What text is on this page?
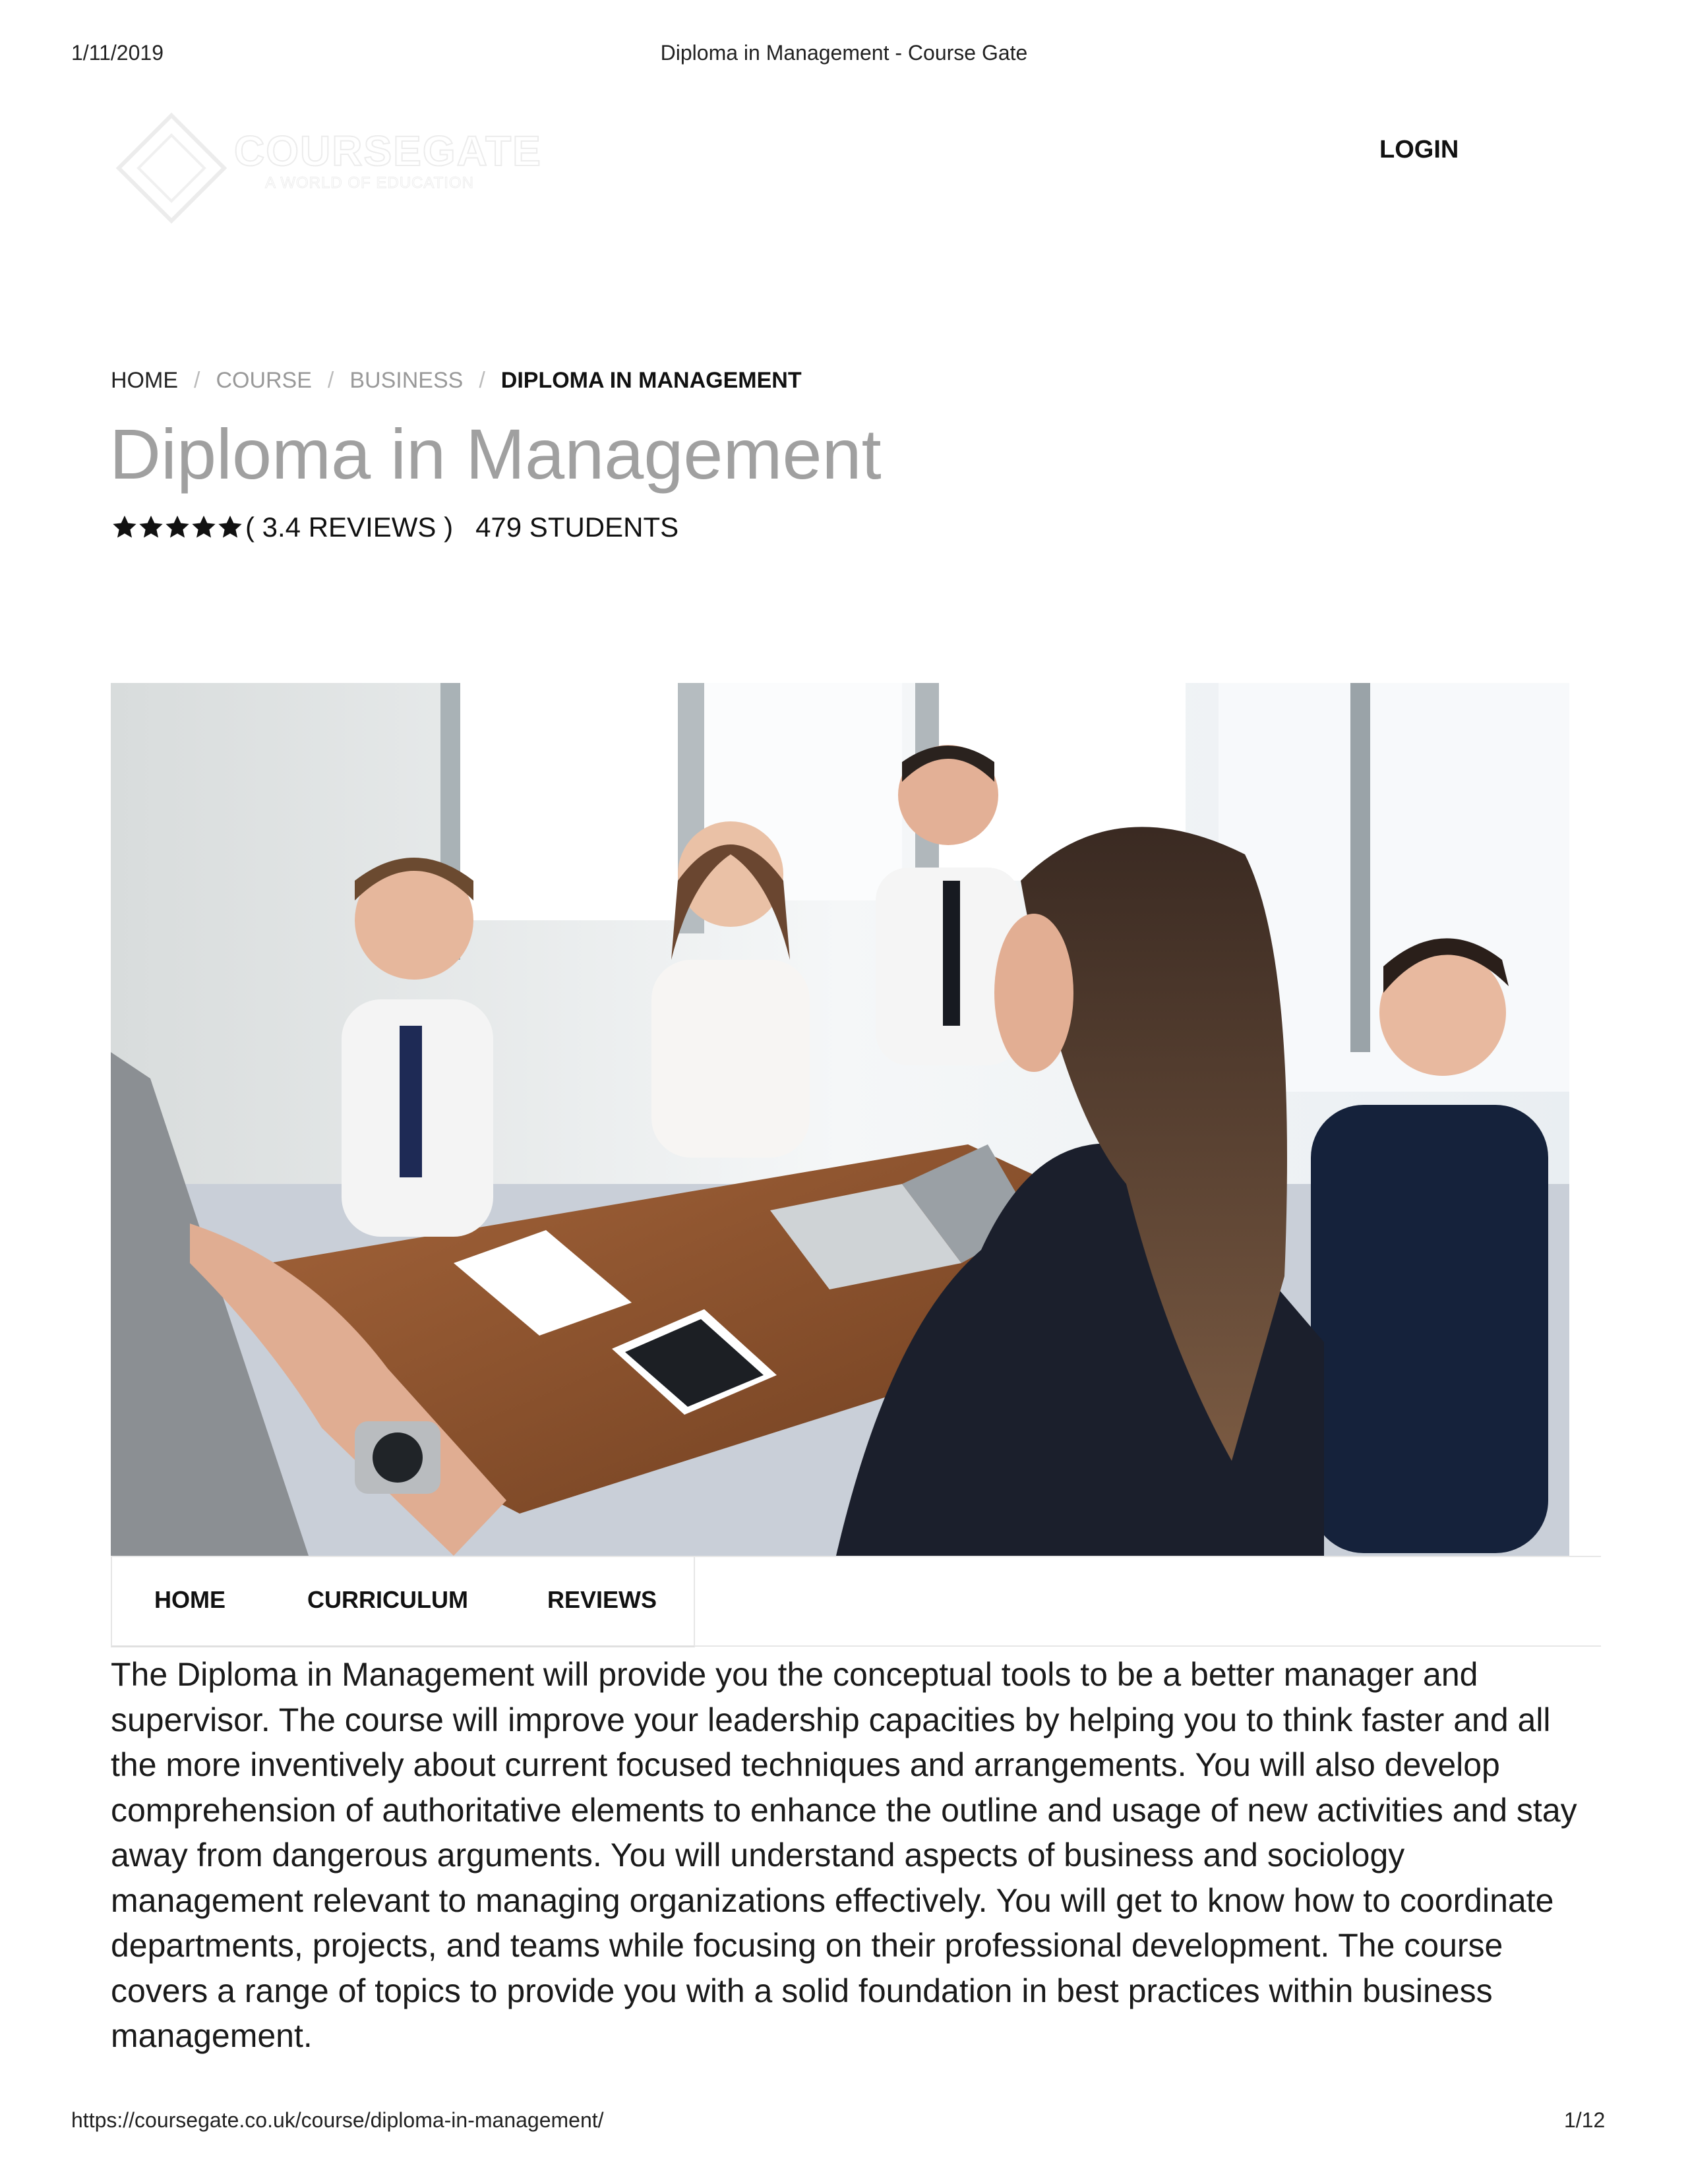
1/11/2019	Diploma in Management - Course Gate
COURSEGATE
A WORLD OF EDUCATION
LOGIN
HOME / COURSE / BUSINESS / DIPLOMA IN MANAGEMENT
Diploma in Management
( 3.4 REVIEWS ) 479 STUDENTS
HOME	CURRICULUM	REVIEWS

The Diploma in Management will provide you the conceptual tools to be a better manager and supervisor. The course will improve your leadership capacities by helping you to think faster and all the more inventively about current focused techniques and arrangements. You will also develop comprehension of authoritative elements to enhance the outline and usage of new activities and stay away from dangerous arguments. You will understand aspects of business and sociology management relevant to managing organizations effectively. You will get to know how to coordinate departments, projects, and teams while focusing on their professional development. The course covers a range of topics to provide you with a solid foundation in best practices within business management.

https://coursegate.co.uk/course/diploma-in-management/	1/12
